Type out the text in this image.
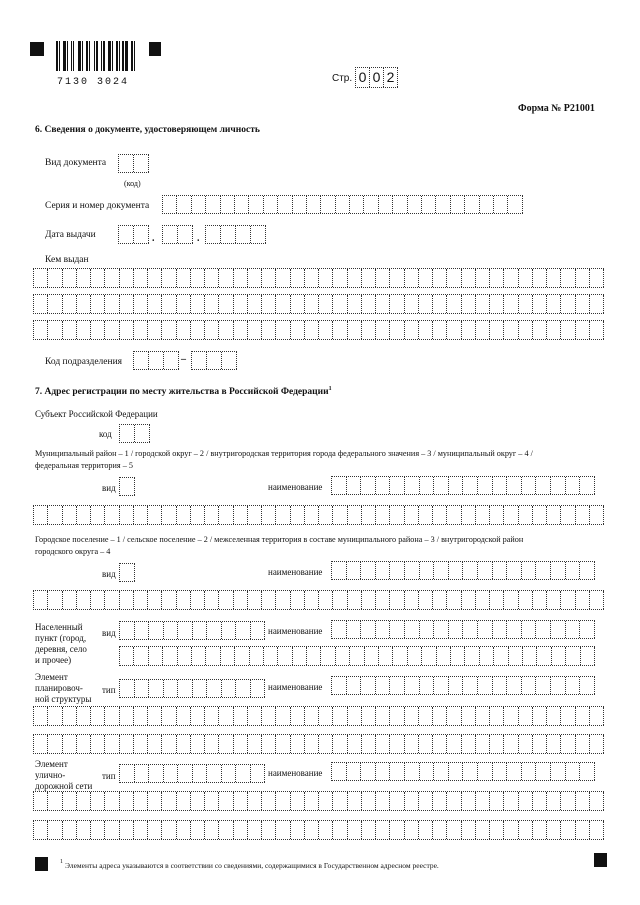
7130 3024	Стр. 0 0 2
Форма № Р21001
6. Сведения о документе, удостоверяющем личность
Вид документа
(код)
Серия и номер документа
Дата выдачи	.	.
Кем выдан
Код подразделения	–
7. Адрес регистрации по месту жительства в Российской Федерации$^1$
Субъект Российской Федерации
код
Муниципальный район – 1 / городской округ – 2 / внутригородская территория города федерального значения – 3 / муниципальный округ – 4 /
федеральная территория – 5
вид	наименование
Городское поселение – 1 / сельское поселение – 2 / межселенная территория в составе муниципального района – 3 / внутригородской район
городского округа – 4
вид	наименование
Населенный
пункт (город,
деревня, село
и прочее)
вид	наименование
Элемент
планировоч-
ной структуры
тип	наименование
Элемент
улично-
дорожной сети
тип	наименование
1 Элементы адреса указываются в соответствии со сведениями, содержащимися в Государственном адресном реестре.
